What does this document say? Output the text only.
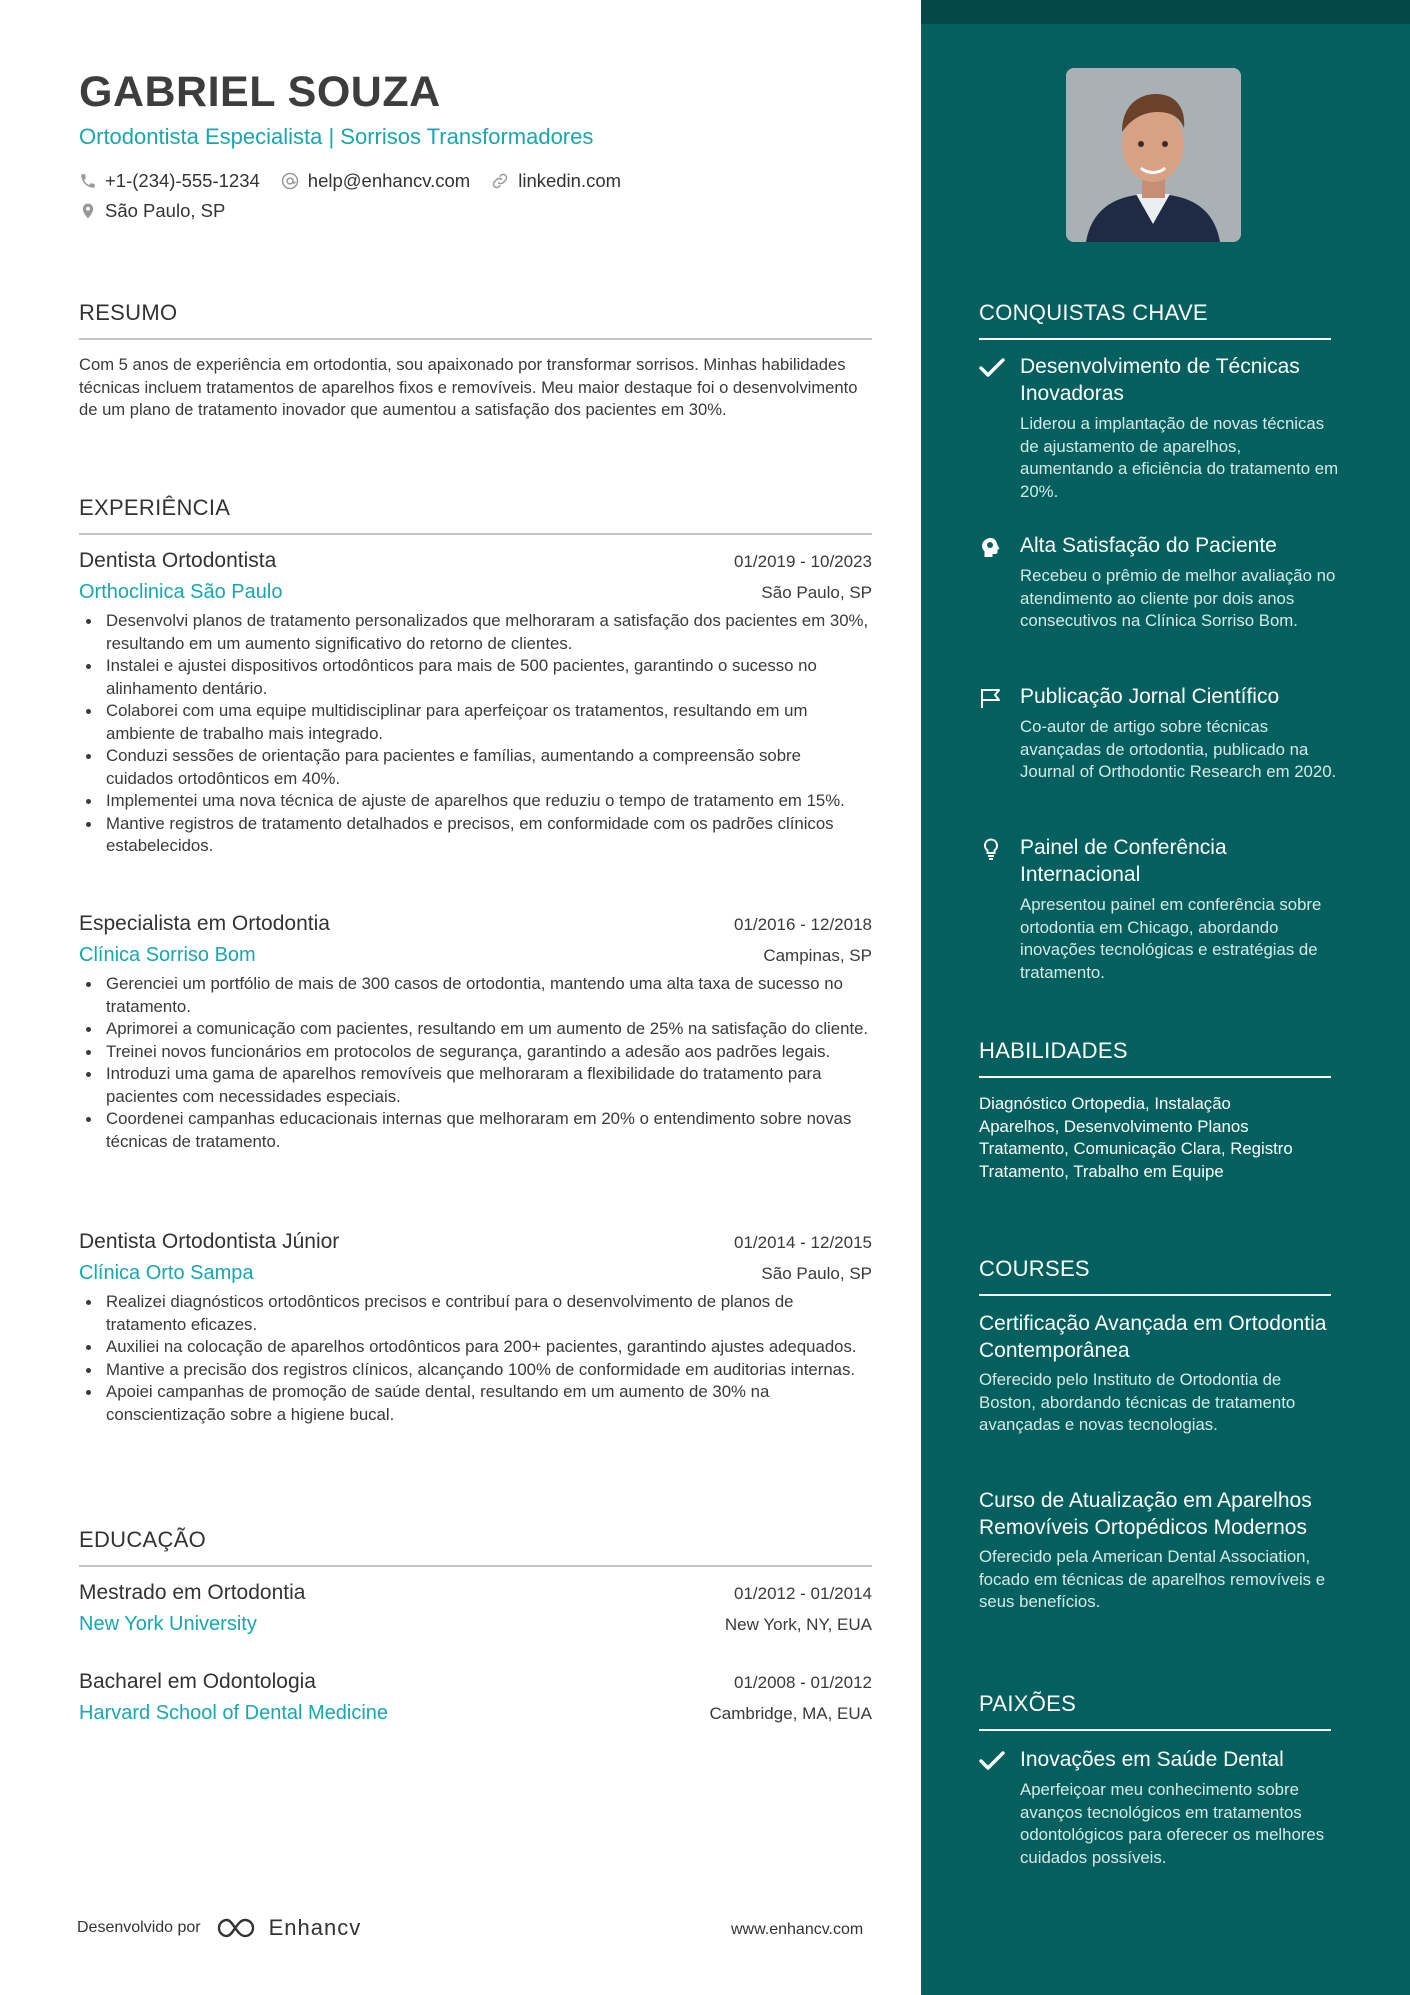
GABRIEL SOUZA
Ortodontista Especialista | Sorrisos Transformadores
+1-(234)-555-1234	help@enhancv.com	linkedin.com
São Paulo, SP
RESUMO
Com 5 anos de experiência em ortodontia, sou apaixonado por transformar sorrisos. Minhas habilidades técnicas incluem tratamentos de aparelhos fixos e removíveis. Meu maior destaque foi o desenvolvimento de um plano de tratamento inovador que aumentou a satisfação dos pacientes em 30%.
EXPERIÊNCIA
Dentista Ortodontista	01/2019 - 10/2023
Orthoclinica São Paulo	São Paulo, SP
Desenvolvi planos de tratamento personalizados que melhoraram a satisfação dos pacientes em 30%, resultando em um aumento significativo do retorno de clientes.
Instalei e ajustei dispositivos ortodônticos para mais de 500 pacientes, garantindo o sucesso no alinhamento dentário.
Colaborei com uma equipe multidisciplinar para aperfeiçoar os tratamentos, resultando em um ambiente de trabalho mais integrado.
Conduzi sessões de orientação para pacientes e famílias, aumentando a compreensão sobre cuidados ortodônticos em 40%.
Implementei uma nova técnica de ajuste de aparelhos que reduziu o tempo de tratamento em 15%.
Mantive registros de tratamento detalhados e precisos, em conformidade com os padrões clínicos estabelecidos.
Especialista em Ortodontia	01/2016 - 12/2018
Clínica Sorriso Bom	Campinas, SP
Gerenciei um portfólio de mais de 300 casos de ortodontia, mantendo uma alta taxa de sucesso no tratamento.
Aprimorei a comunicação com pacientes, resultando em um aumento de 25% na satisfação do cliente.
Treinei novos funcionários em protocolos de segurança, garantindo a adesão aos padrões legais.
Introduzi uma gama de aparelhos removíveis que melhoraram a flexibilidade do tratamento para pacientes com necessidades especiais.
Coordenei campanhas educacionais internas que melhoraram em 20% o entendimento sobre novas técnicas de tratamento.
Dentista Ortodontista Júnior	01/2014 - 12/2015
Clínica Orto Sampa	São Paulo, SP
Realizei diagnósticos ortodônticos precisos e contribuí para o desenvolvimento de planos de tratamento eficazes.
Auxiliei na colocação de aparelhos ortodônticos para 200+ pacientes, garantindo ajustes adequados.
Mantive a precisão dos registros clínicos, alcançando 100% de conformidade em auditorias internas.
Apoiei campanhas de promoção de saúde dental, resultando em um aumento de 30% na conscientização sobre a higiene bucal.
EDUCAÇÃO
Mestrado em Ortodontia	01/2012 - 01/2014
New York University	New York, NY, EUA
Bacharel em Odontologia	01/2008 - 01/2012
Harvard School of Dental Medicine	Cambridge, MA, EUA
Desenvolvido por	Enhancv	www.enhancv.com
CONQUISTAS CHAVE
Desenvolvimento de Técnicas Inovadoras
Liderou a implantação de novas técnicas de ajustamento de aparelhos, aumentando a eficiência do tratamento em 20%.
Alta Satisfação do Paciente
Recebeu o prêmio de melhor avaliação no atendimento ao cliente por dois anos consecutivos na Clínica Sorriso Bom.
Publicação Jornal Científico
Co-autor de artigo sobre técnicas avançadas de ortodontia, publicado na Journal of Orthodontic Research em 2020.
Painel de Conferência Internacional
Apresentou painel em conferência sobre ortodontia em Chicago, abordando inovações tecnológicas e estratégias de tratamento.
HABILIDADES
Diagnóstico Ortopedia, Instalação Aparelhos, Desenvolvimento Planos Tratamento, Comunicação Clara, Registro Tratamento, Trabalho em Equipe
COURSES
Certificação Avançada em Ortodontia Contemporânea
Oferecido pelo Instituto de Ortodontia de Boston, abordando técnicas de tratamento avançadas e novas tecnologias.
Curso de Atualização em Aparelhos Removíveis Ortopédicos Modernos
Oferecido pela American Dental Association, focado em técnicas de aparelhos removíveis e seus benefícios.
PAIXÕES
Inovações em Saúde Dental
Aperfeiçoar meu conhecimento sobre avanços tecnológicos em tratamentos odontológicos para oferecer os melhores cuidados possíveis.
